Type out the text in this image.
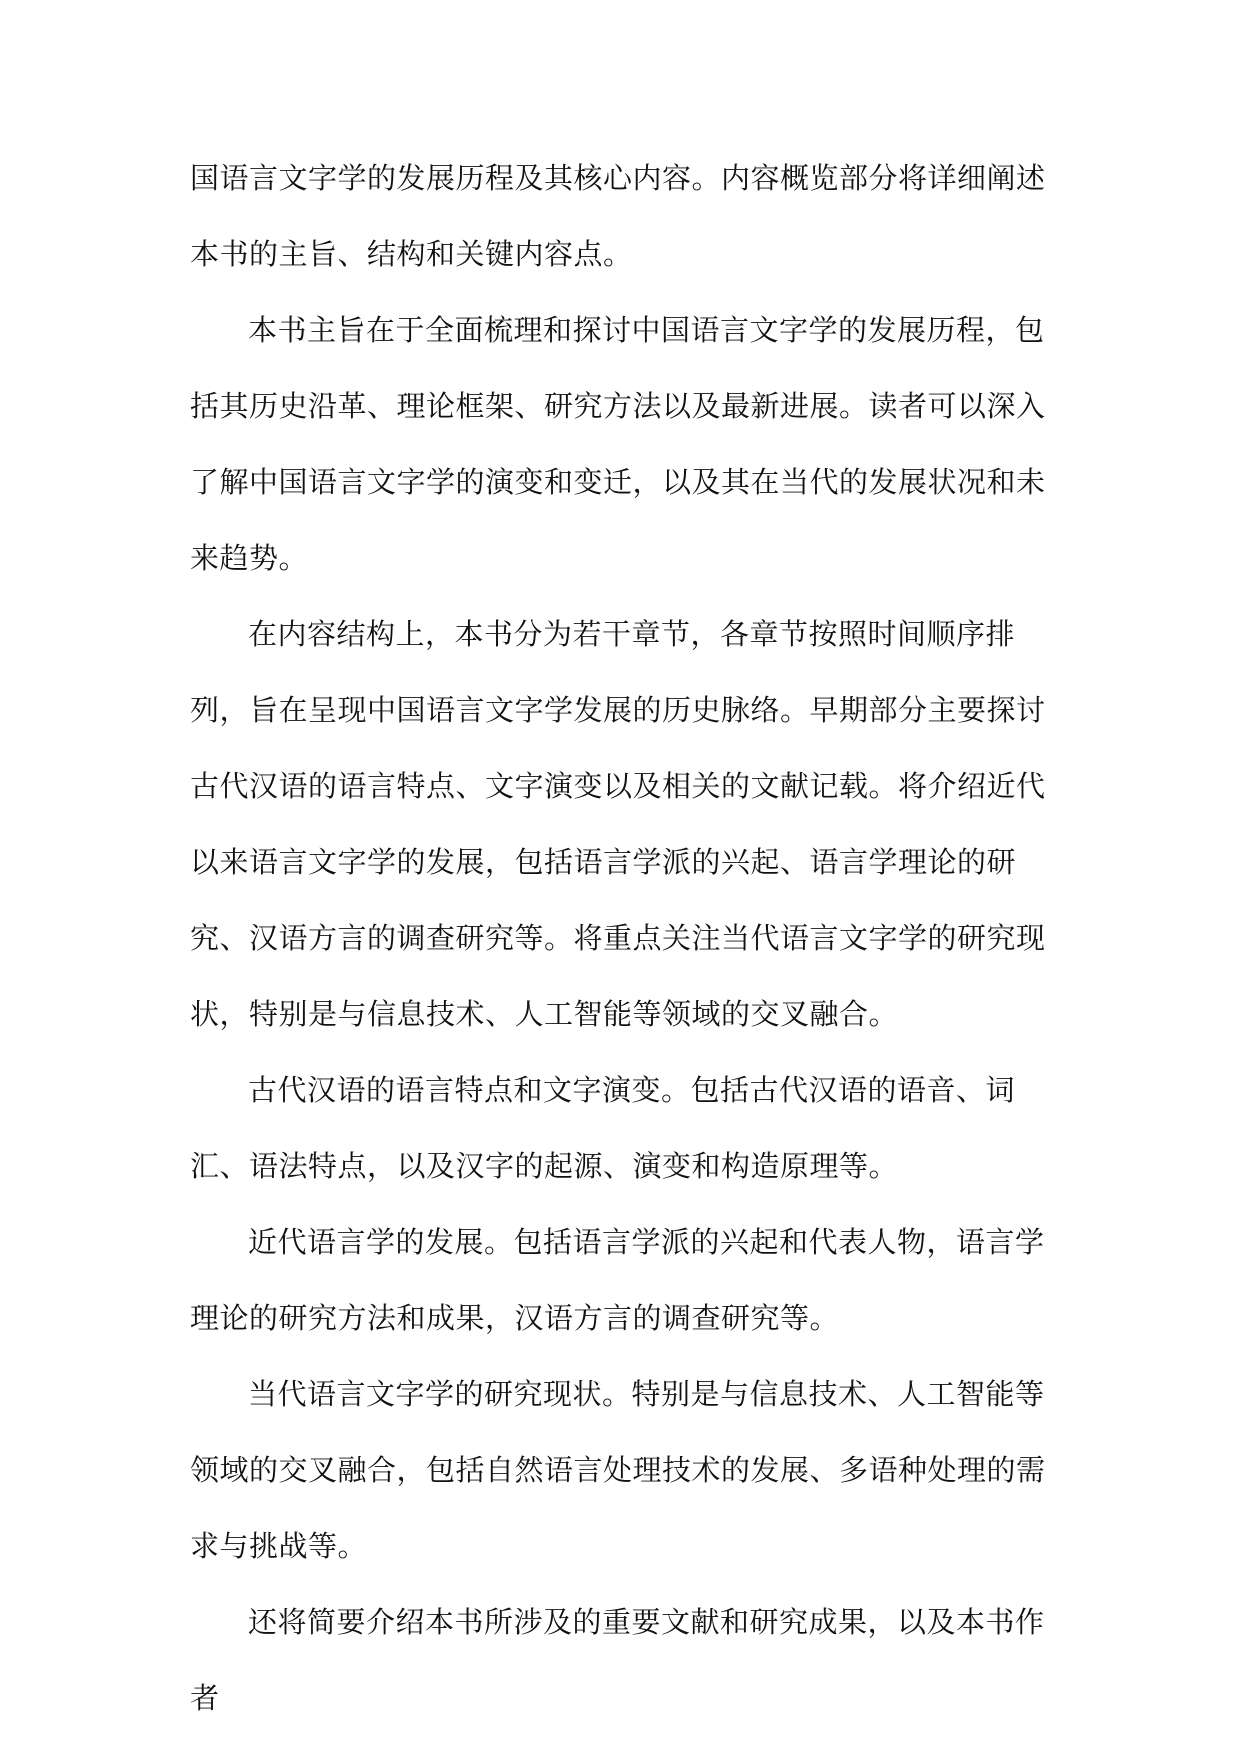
国语言文字学的发展历程及其核心内容。内容概览部分将详细阐述本书的主旨、结构和关键内容点。

本书主旨在于全面梳理和探讨中国语言文字学的发展历程，包括其历史沿革、理论框架、研究方法以及最新进展。读者可以深入了解中国语言文字学的演变和变迁，以及其在当代的发展状况和未来趋势。

在内容结构上，本书分为若干章节，各章节按照时间顺序排列，旨在呈现中国语言文字学发展的历史脉络。早期部分主要探讨古代汉语的语言特点、文字演变以及相关的文献记载。将介绍近代以来语言文字学的发展，包括语言学派的兴起、语言学理论的研究、汉语方言的调查研究等。将重点关注当代语言文字学的研究现状，特别是与信息技术、人工智能等领域的交叉融合。

古代汉语的语言特点和文字演变。包括古代汉语的语音、词汇、语法特点，以及汉字的起源、演变和构造原理等。

近代语言学的发展。包括语言学派的兴起和代表人物，语言学理论的研究方法和成果，汉语方言的调查研究等。

当代语言文字学的研究现状。特别是与信息技术、人工智能等领域的交叉融合，包括自然语言处理技术的发展、多语种处理的需求与挑战等。

还将简要介绍本书所涉及的重要文献和研究成果，以及本书作者
